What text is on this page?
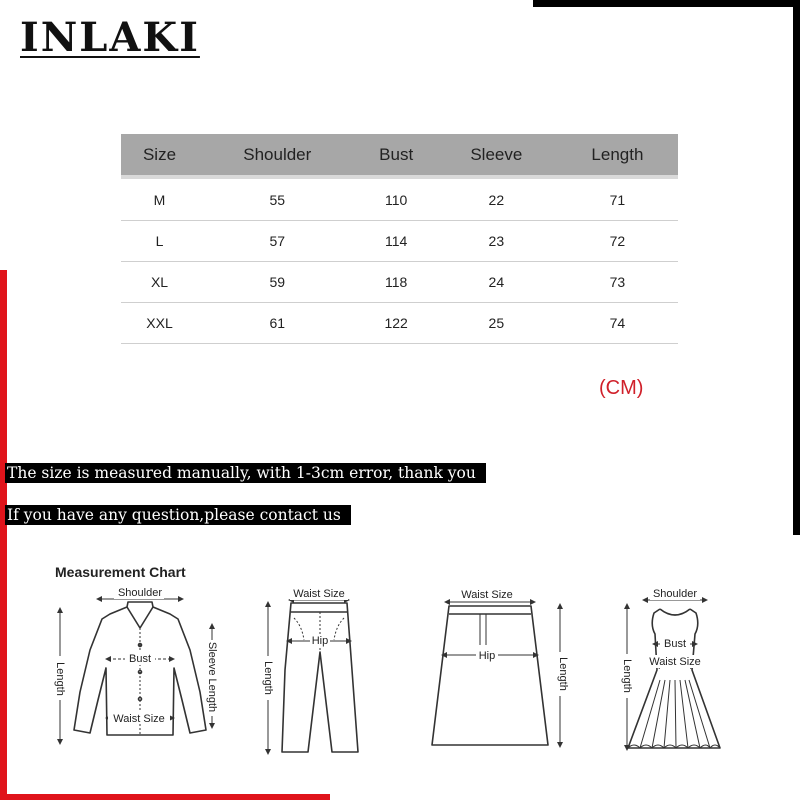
INLAKI
Size	Shoulder	Bust	Sleeve	Length
M	55	110	22	71
L	57	114	23	72
XL	59	118	24	73
XXL	61	122	25	74
(CM)
The size is measured manually, with 1-3cm error, thank you
If you have any question,please contact us
Measurement Chart
Shoulder
Bust
Waist Size
Length	Sleeve Length
Waist Size
Hip
Length
Waist Size
Hip
Length
Shoulder
Bust
Waist Size
Length
